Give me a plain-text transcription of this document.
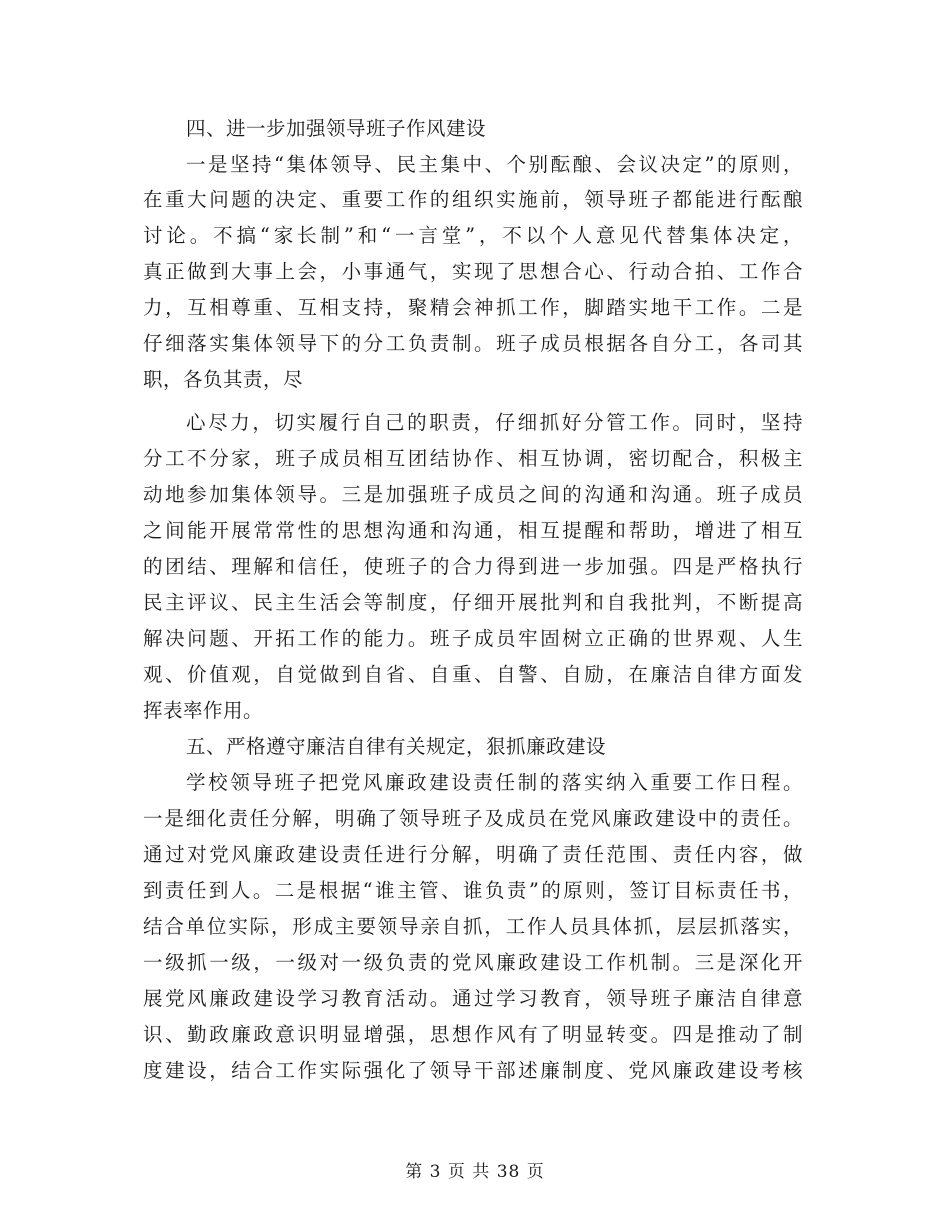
四、进一步加强领导班子作风建设
一是坚持“集体领导、民主集中、个别酝酿、会议决定”的原则，
在重大问题的决定、重要工作的组织实施前，领导班子都能进行酝酿
讨论。不搞“家长制”和“一言堂”，不以个人意见代替集体决定，
真正做到大事上会，小事通气，实现了思想合心、行动合拍、工作合
力，互相尊重、互相支持，聚精会神抓工作，脚踏实地干工作。二是
仔细落实集体领导下的分工负责制。班子成员根据各自分工，各司其
职，各负其责，尽
心尽力，切实履行自己的职责，仔细抓好分管工作。同时，坚持
分工不分家，班子成员相互团结协作、相互协调，密切配合，积极主
动地参加集体领导。三是加强班子成员之间的沟通和沟通。班子成员
之间能开展常常性的思想沟通和沟通，相互提醒和帮助，增进了相互
的团结、理解和信任，使班子的合力得到进一步加强。四是严格执行
民主评议、民主生活会等制度，仔细开展批判和自我批判，不断提高
解决问题、开拓工作的能力。班子成员牢固树立正确的世界观、人生
观、价值观，自觉做到自省、自重、自警、自励，在廉洁自律方面发
挥表率作用。
五、严格遵守廉洁自律有关规定，狠抓廉政建设
学校领导班子把党风廉政建设责任制的落实纳入重要工作日程。
一是细化责任分解，明确了领导班子及成员在党风廉政建设中的责任。
通过对党风廉政建设责任进行分解，明确了责任范围、责任内容，做
到责任到人。二是根据“谁主管、谁负责”的原则，签订目标责任书，
结合单位实际，形成主要领导亲自抓，工作人员具体抓，层层抓落实，
一级抓一级，一级对一级负责的党风廉政建设工作机制。三是深化开
展党风廉政建设学习教育活动。通过学习教育，领导班子廉洁自律意
识、勤政廉政意识明显增强，思想作风有了明显转变。四是推动了制
度建设，结合工作实际强化了领导干部述廉制度、党风廉政建设考核
第 3 页 共 38 页
